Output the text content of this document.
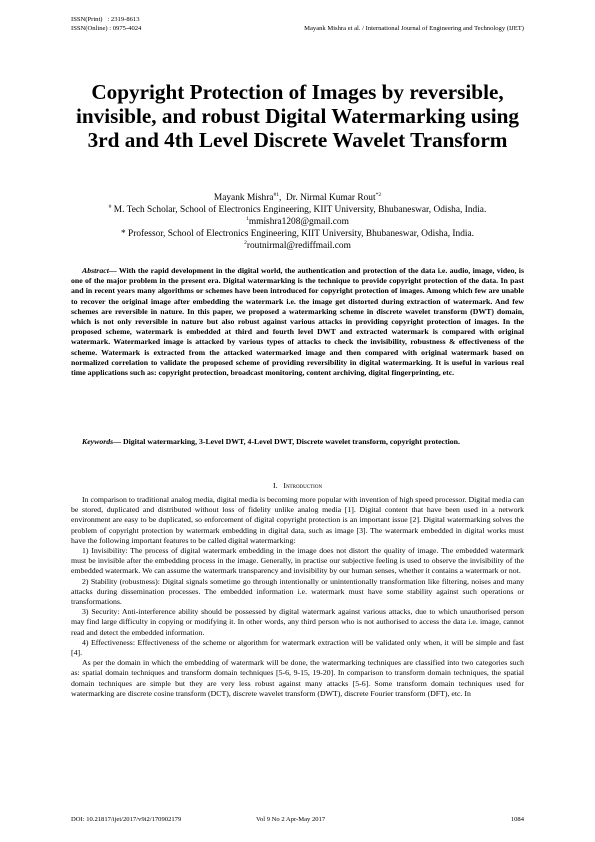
ISSN(Print)   : 2319-8613
ISSN(Online) : 0975-4024	Mayank Mishra et al. / International Journal of Engineering and Technology (IJET)
Copyright Protection of Images by reversible, invisible, and robust Digital Watermarking using 3rd and 4th Level Discrete Wavelet Transform
Mayank Mishra$^{\#1}$,  Dr. Nirmal Kumar Rout$^{*2}$
# M. Tech Scholar, School of Electronics Engineering, KIIT University, Bhubaneswar, Odisha, India.
$^1$mmishra1208@gmail.com
* Professor, School of Electronics Engineering, KIIT University, Bhubaneswar, Odisha, India.
$^2$routnirmal@rediffmail.com
Abstract— With the rapid development in the digital world, the authentication and protection of the data i.e. audio, image, video, is one of the major problem in the present era. Digital watermarking is the technique to provide copyright protection of the data. In past and in recent years many algorithms or schemes have been introduced for copyright protection of images. Among which few are unable to recover the original image after embedding the watermark i.e. the image get distorted during extraction of watermark. And few schemes are reversible in nature. In this paper, we proposed a watermarking scheme in discrete wavelet transform (DWT) domain, which is not only reversible in nature but also robust against various attacks in providing copyright protection of images. In the proposed scheme, watermark is embedded at third and fourth level DWT and extracted watermark is compared with original watermark. Watermarked image is attacked by various types of attacks to check the invisibility, robustness & effectiveness of the scheme. Watermark is extracted from the attacked watermarked image and then compared with original watermark based on normalized correlation to validate the proposed scheme of providing reversibility in digital watermarking. It is useful in various real time applications such as: copyright protection, broadcast monitoring, content archiving, digital fingerprinting, etc.
Keywords— Digital watermarking, 3-Level DWT, 4-Level DWT, Discrete wavelet transform, copyright protection.
I. Introduction

In comparison to traditional analog media, digital media is becoming more popular with invention of high speed processor. Digital media can be stored, duplicated and distributed without loss of fidelity unlike analog media [1]. Digital content that have been used in a network environment are easy to be duplicated, so enforcement of digital copyright protection is an important issue [2]. Digital watermarking solves the problem of copyright protection by watermark embedding in digital data, such as image [3]. The watermark embedded in digital works must have the following important features to be called digital watermarking:

1) Invisibility: The process of digital watermark embedding in the image does not distort the quality of image. The embedded watermark must be invisible after the embedding process in the image. Generally, in practise our subjective feeling is used to observe the invisibility of the embedded watermark. We can assume the watermark transparency and invisibility by our human senses, whether it contains a watermark or not.

2) Stability (robustness): Digital signals sometime go through intentionally or unintentionally transformation like filtering, noises and many attacks during dissemination processes. The embedded information i.e. watermark must have some stability against such operations or transformations.

3) Security: Anti-interference ability should be possessed by digital watermark against various attacks, due to which unauthorised person may find large difficulty in copying or modifying it. In other words, any third person who is not authorised to access the data i.e. image, cannot read and detect the embedded information.

4) Effectiveness: Effectiveness of the scheme or algorithm for watermark extraction will be validated only when, it will be simple and fast [4].

As per the domain in which the embedding of watermark will be done, the watermarking techniques are classified into two categories such as: spatial domain techniques and transform domain techniques [5-6, 9-15, 19-20]. In comparison to transform domain techniques, the spatial domain techniques are simple but they are very less robust against many attacks [5-6]. Some transform domain techniques used for watermarking are discrete cosine transform (DCT), discrete wavelet transform (DWT), discrete Fourier transform (DFT), etc. In

DOI: 10.21817/ijet/2017/v9i2/170902179	Vol 9 No 2 Apr-May 2017	1084
